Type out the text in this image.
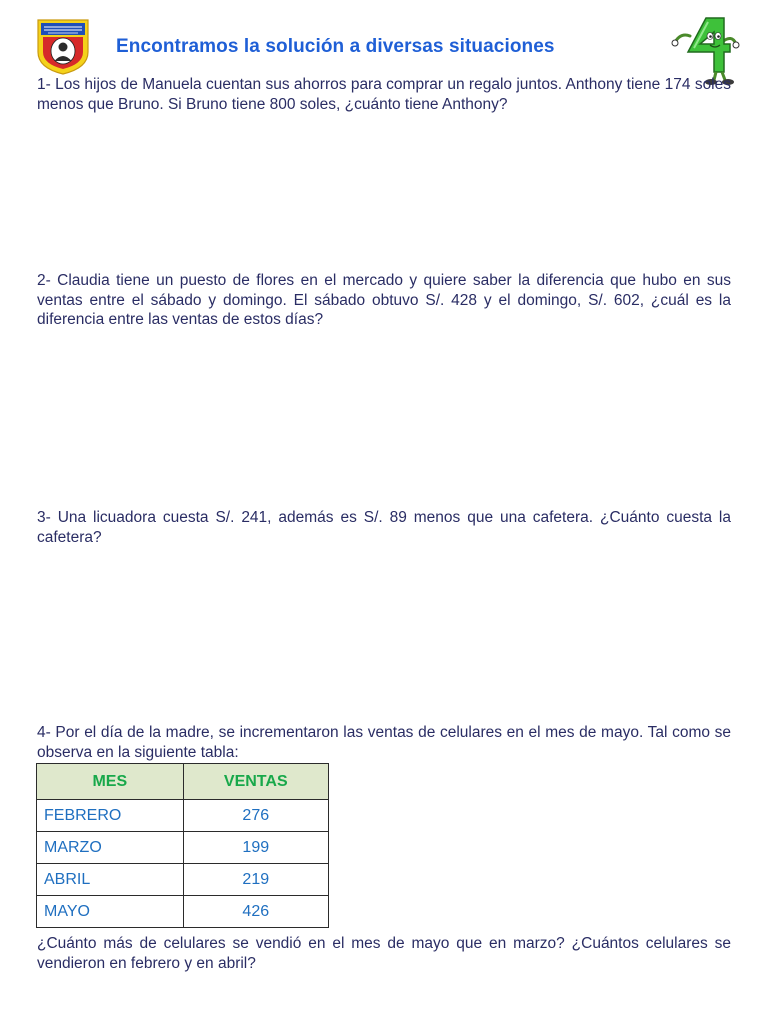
Encontramos la solución a diversas situaciones
1- Los hijos de Manuela cuentan sus ahorros para comprar un regalo juntos. Anthony tiene 174 soles menos que Bruno. Si Bruno tiene 800 soles, ¿cuánto tiene Anthony?
2- Claudia tiene un puesto de flores en el mercado y quiere saber la diferencia que hubo en sus ventas entre el sábado y domingo. El sábado obtuvo S/. 428 y el domingo, S/. 602, ¿cuál es la diferencia entre las ventas de estos días?
3- Una licuadora cuesta S/. 241, además es S/. 89 menos que una cafetera. ¿Cuánto cuesta la cafetera?
4- Por el día de la madre, se incrementaron las ventas de celulares en el mes de mayo. Tal como se observa en la siguiente tabla:
MES	VENTAS
FEBRERO	276
MARZO	199
ABRIL	219
MAYO	426
¿Cuánto más de celulares se vendió en el mes de mayo que en marzo? ¿Cuántos celulares se vendieron en febrero y en abril?
